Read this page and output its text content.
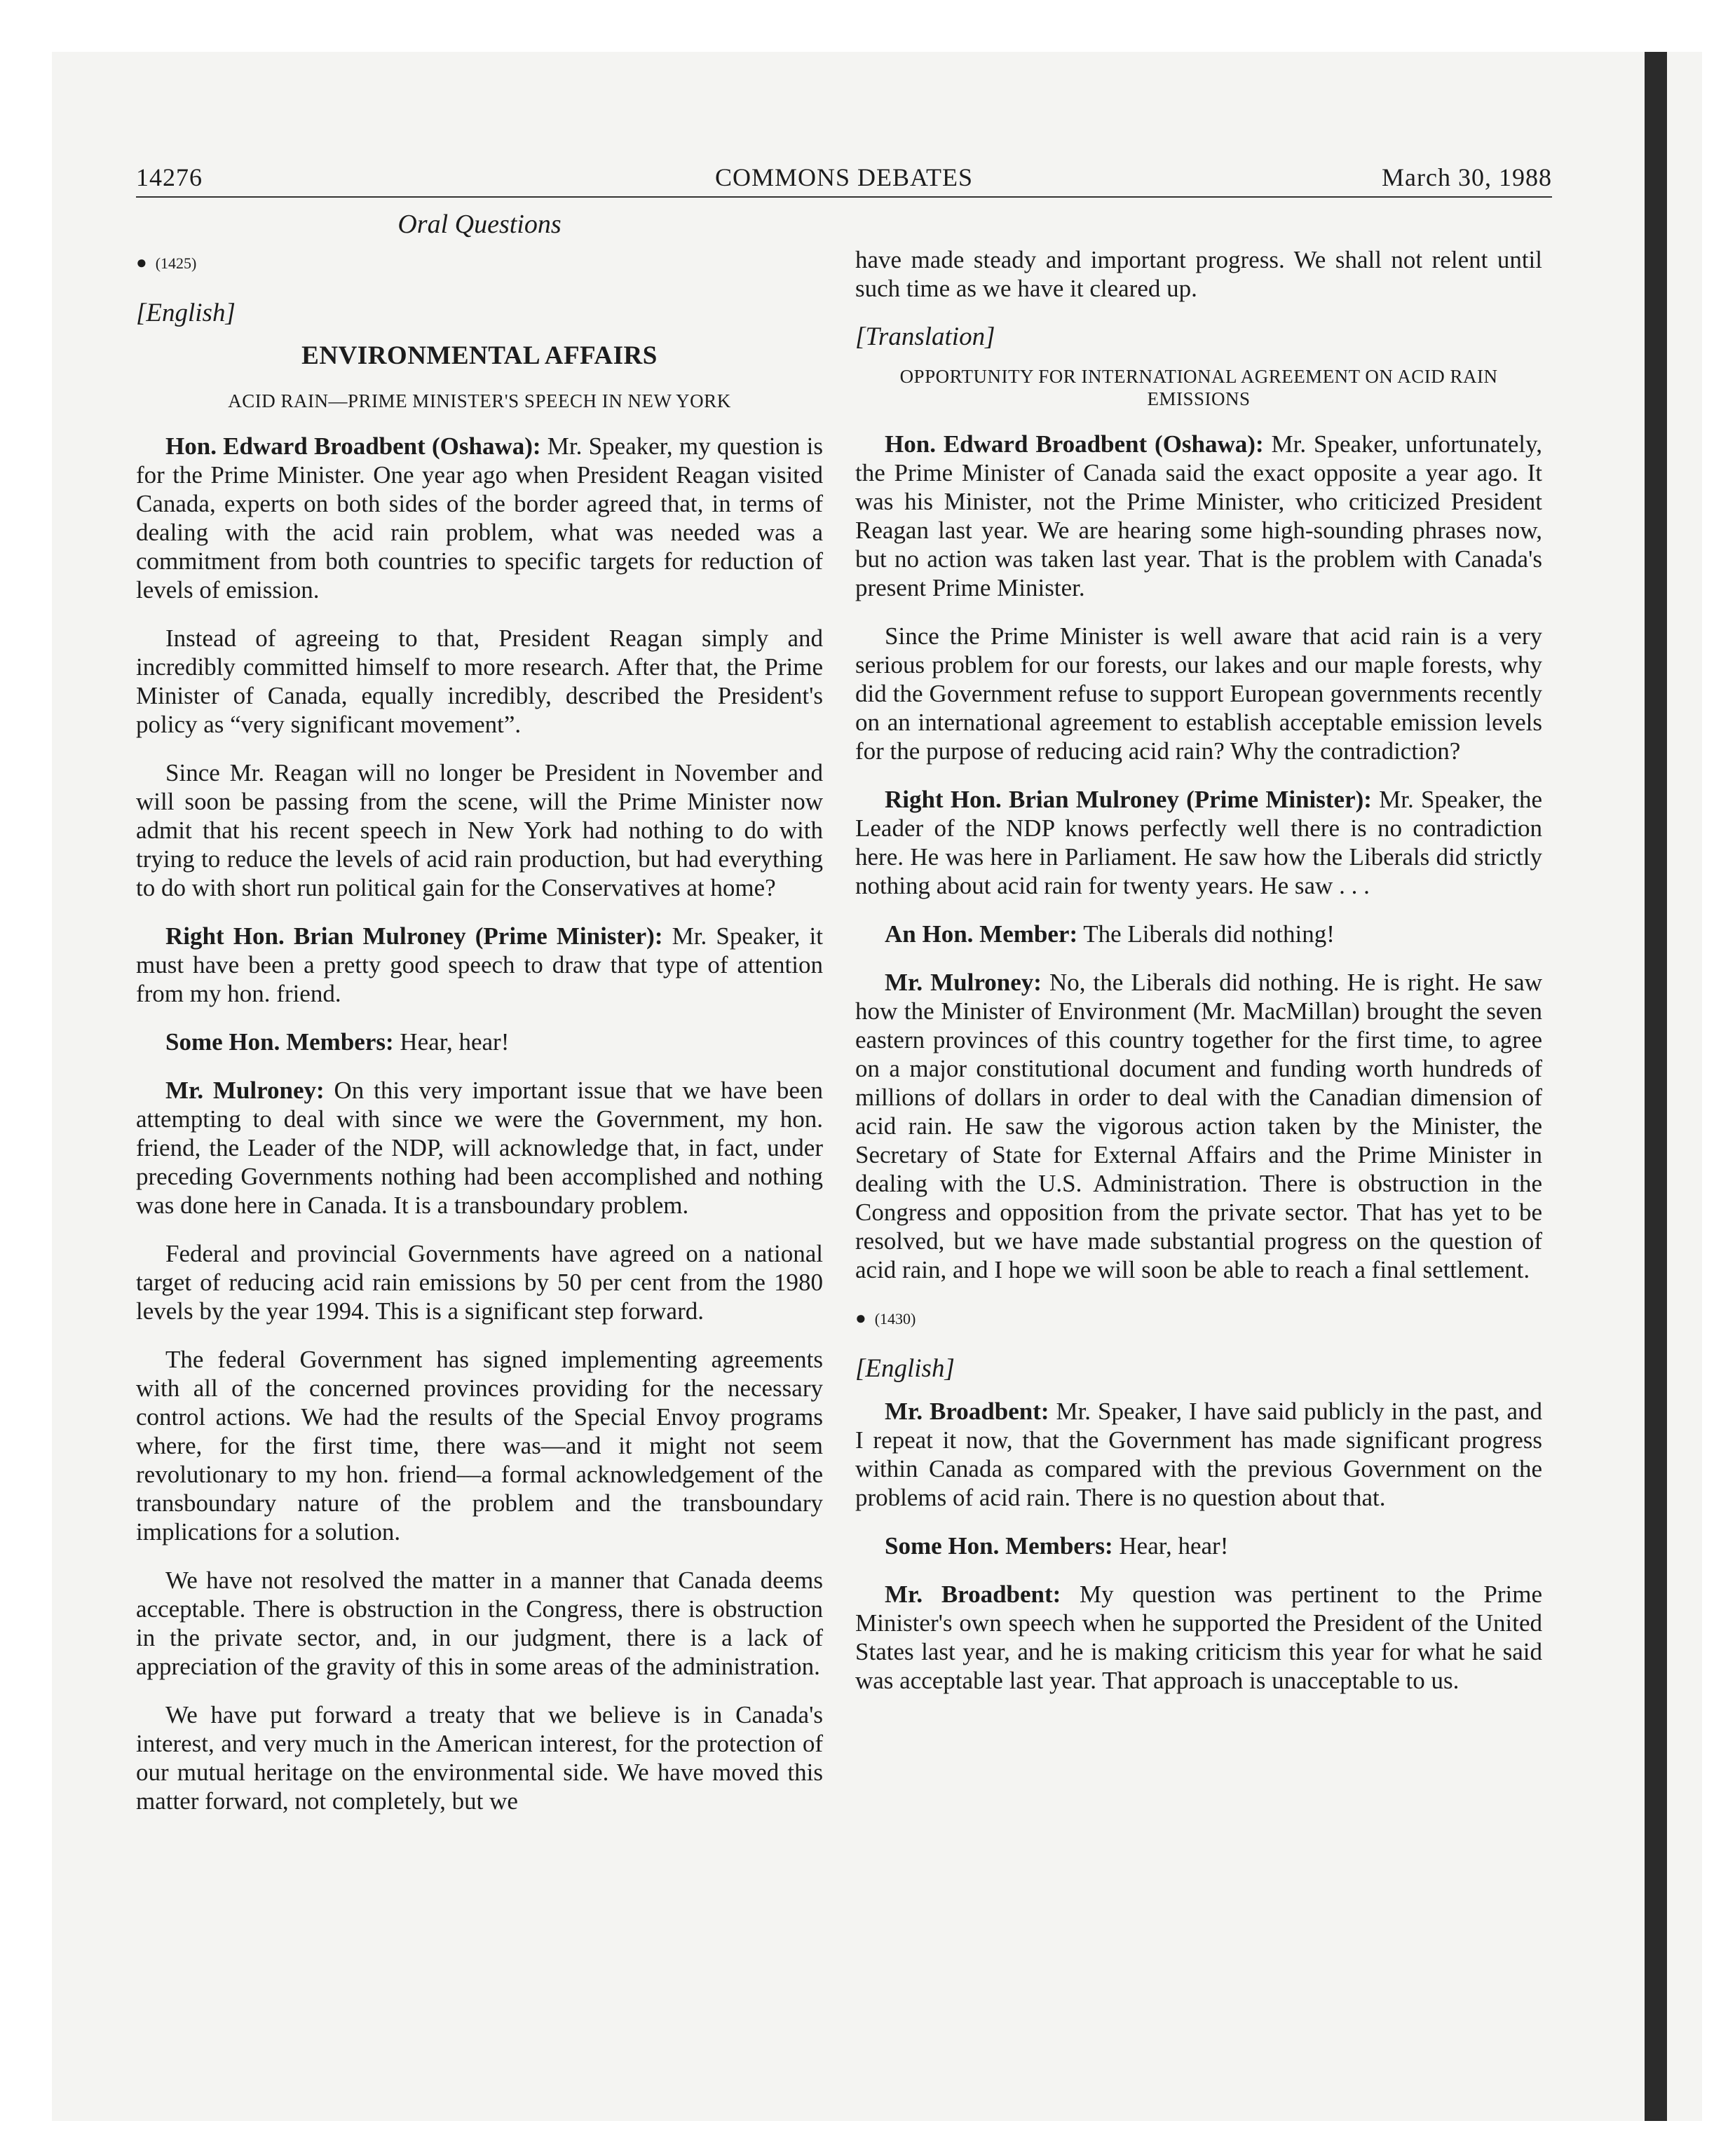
COMMONS DEBATES
14276	March 30, 1988
Oral Questions
● (1425)
[English]
ENVIRONMENTAL AFFAIRS
ACID RAIN—PRIME MINISTER'S SPEECH IN NEW YORK

Hon. Edward Broadbent (Oshawa): Mr. Speaker, my question is for the Prime Minister. One year ago when President Reagan visited Canada, experts on both sides of the border agreed that, in terms of dealing with the acid rain problem, what was needed was a commitment from both countries to specific targets for reduction of levels of emission.

Instead of agreeing to that, President Reagan simply and incredibly committed himself to more research. After that, the Prime Minister of Canada, equally incredibly, described the President's policy as “very significant movement”.

Since Mr. Reagan will no longer be President in November and will soon be passing from the scene, will the Prime Minister now admit that his recent speech in New York had nothing to do with trying to reduce the levels of acid rain production, but had everything to do with short run political gain for the Conservatives at home?

Right Hon. Brian Mulroney (Prime Minister): Mr. Speaker, it must have been a pretty good speech to draw that type of attention from my hon. friend.

Some Hon. Members: Hear, hear!

Mr. Mulroney: On this very important issue that we have been attempting to deal with since we were the Government, my hon. friend, the Leader of the NDP, will acknowledge that, in fact, under preceding Governments nothing had been accomplished and nothing was done here in Canada. It is a transboundary problem.

Federal and provincial Governments have agreed on a national target of reducing acid rain emissions by 50 per cent from the 1980 levels by the year 1994. This is a significant step forward.

The federal Government has signed implementing agreements with all of the concerned provinces providing for the necessary control actions. We had the results of the Special Envoy programs where, for the first time, there was—and it might not seem revolutionary to my hon. friend—a formal acknowledgement of the transboundary nature of the problem and the transboundary implications for a solution.

We have not resolved the matter in a manner that Canada deems acceptable. There is obstruction in the Congress, there is obstruction in the private sector, and, in our judgment, there is a lack of appreciation of the gravity of this in some areas of the administration.

We have put forward a treaty that we believe is in Canada's interest, and very much in the American interest, for the protection of our mutual heritage on the environmental side. We have moved this matter forward, not completely, but we

have made steady and important progress. We shall not relent until such time as we have it cleared up.

[Translation]
OPPORTUNITY FOR INTERNATIONAL AGREEMENT ON ACID RAIN EMISSIONS

Hon. Edward Broadbent (Oshawa): Mr. Speaker, unfortunately, the Prime Minister of Canada said the exact opposite a year ago. It was his Minister, not the Prime Minister, who criticized President Reagan last year. We are hearing some high-sounding phrases now, but no action was taken last year. That is the problem with Canada's present Prime Minister.

Since the Prime Minister is well aware that acid rain is a very serious problem for our forests, our lakes and our maple forests, why did the Government refuse to support European governments recently on an international agreement to establish acceptable emission levels for the purpose of reducing acid rain? Why the contradiction?

Right Hon. Brian Mulroney (Prime Minister): Mr. Speaker, the Leader of the NDP knows perfectly well there is no contradiction here. He was here in Parliament. He saw how the Liberals did strictly nothing about acid rain for twenty years. He saw . . .

An Hon. Member: The Liberals did nothing!

Mr. Mulroney: No, the Liberals did nothing. He is right. He saw how the Minister of Environment (Mr. MacMillan) brought the seven eastern provinces of this country together for the first time, to agree on a major constitutional document and funding worth hundreds of millions of dollars in order to deal with the Canadian dimension of acid rain. He saw the vigorous action taken by the Minister, the Secretary of State for External Affairs and the Prime Minister in dealing with the U.S. Administration. There is obstruction in the Congress and opposition from the private sector. That has yet to be resolved, but we have made substantial progress on the question of acid rain, and I hope we will soon be able to reach a final settlement.

● (1430)
[English]

Mr. Broadbent: Mr. Speaker, I have said publicly in the past, and I repeat it now, that the Government has made significant progress within Canada as compared with the previous Government on the problems of acid rain. There is no question about that.

Some Hon. Members: Hear, hear!

Mr. Broadbent: My question was pertinent to the Prime Minister's own speech when he supported the President of the United States last year, and he is making criticism this year for what he said was acceptable last year. That approach is unacceptable to us.
